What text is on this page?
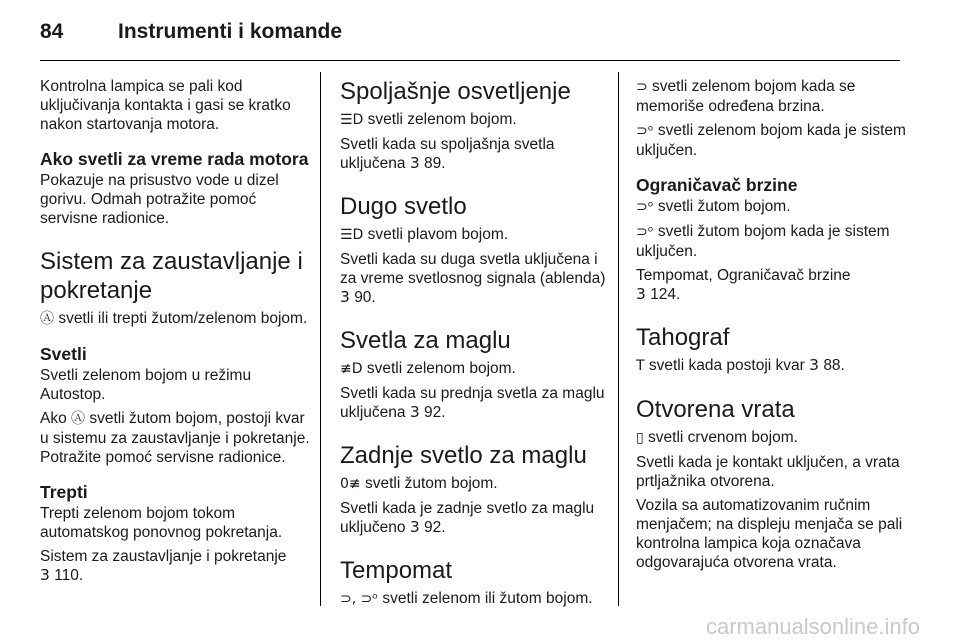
84	Instrumenti i komande

Kontrolna lampica se pali kod uključivanja kontakta i gasi se kratko nakon startovanja motora.

Ako svetli za vreme rada motora

Pokazuje na prisustvo vode u dizel gorivu. Odmah potražite pomoć servisne radionice.

Sistem za zaustavljanje i pokretanje

Ⓐ svetli ili trepti žutom/zelenom bojom.

Svetli

Svetli zelenom bojom u režimu Autostop.

Ako Ⓐ svetli žutom bojom, postoji kvar u sistemu za zaustavljanje i pokretanje. Potražite pomoć servisne radionice.

Trepti

Trepti zelenom bojom tokom automatskog ponovnog pokretanja.

Sistem za zaustavljanje i pokretanje
3 110.

Spoljašnje osvetljenje

☰D svetli zelenom bojom.

Svetli kada su spoljašnja svetla uključena 3 89.

Dugo svetlo

☰D svetli plavom bojom.

Svetli kada su duga svetla uključena i za vreme svetlosnog signala (ablenda) 3 90.

Svetla za maglu

≢D svetli zelenom bojom.

Svetli kada su prednja svetla za maglu uključena 3 92.

Zadnje svetlo za maglu

0≢ svetli žutom bojom.

Svetli kada je zadnje svetlo za maglu uključeno 3 92.

Tempomat

⊃, ⊃ᵒ svetli zelenom ili žutom bojom.

⊃ svetli zelenom bojom kada se memoriše određena brzina.

⊃ᵒ svetli zelenom bojom kada je sistem uključen.

Ograničavač brzine

⊃ᵒ svetli žutom bojom.

⊃ᵒ svetli žutom bojom kada je sistem uključen.

Tempomat, Ograničavač brzine
3 124.

Tahograf

T svetli kada postoji kvar 3 88.

Otvorena vrata

▯ svetli crvenom bojom.

Svetli kada je kontakt uključen, a vrata prtljažnika otvorena.

Vozila sa automatizovanim ručnim menjačem; na displeju menjača se pali kontrolna lampica koja označava odgovarajuća otvorena vrata.

carmanualsonline.info
